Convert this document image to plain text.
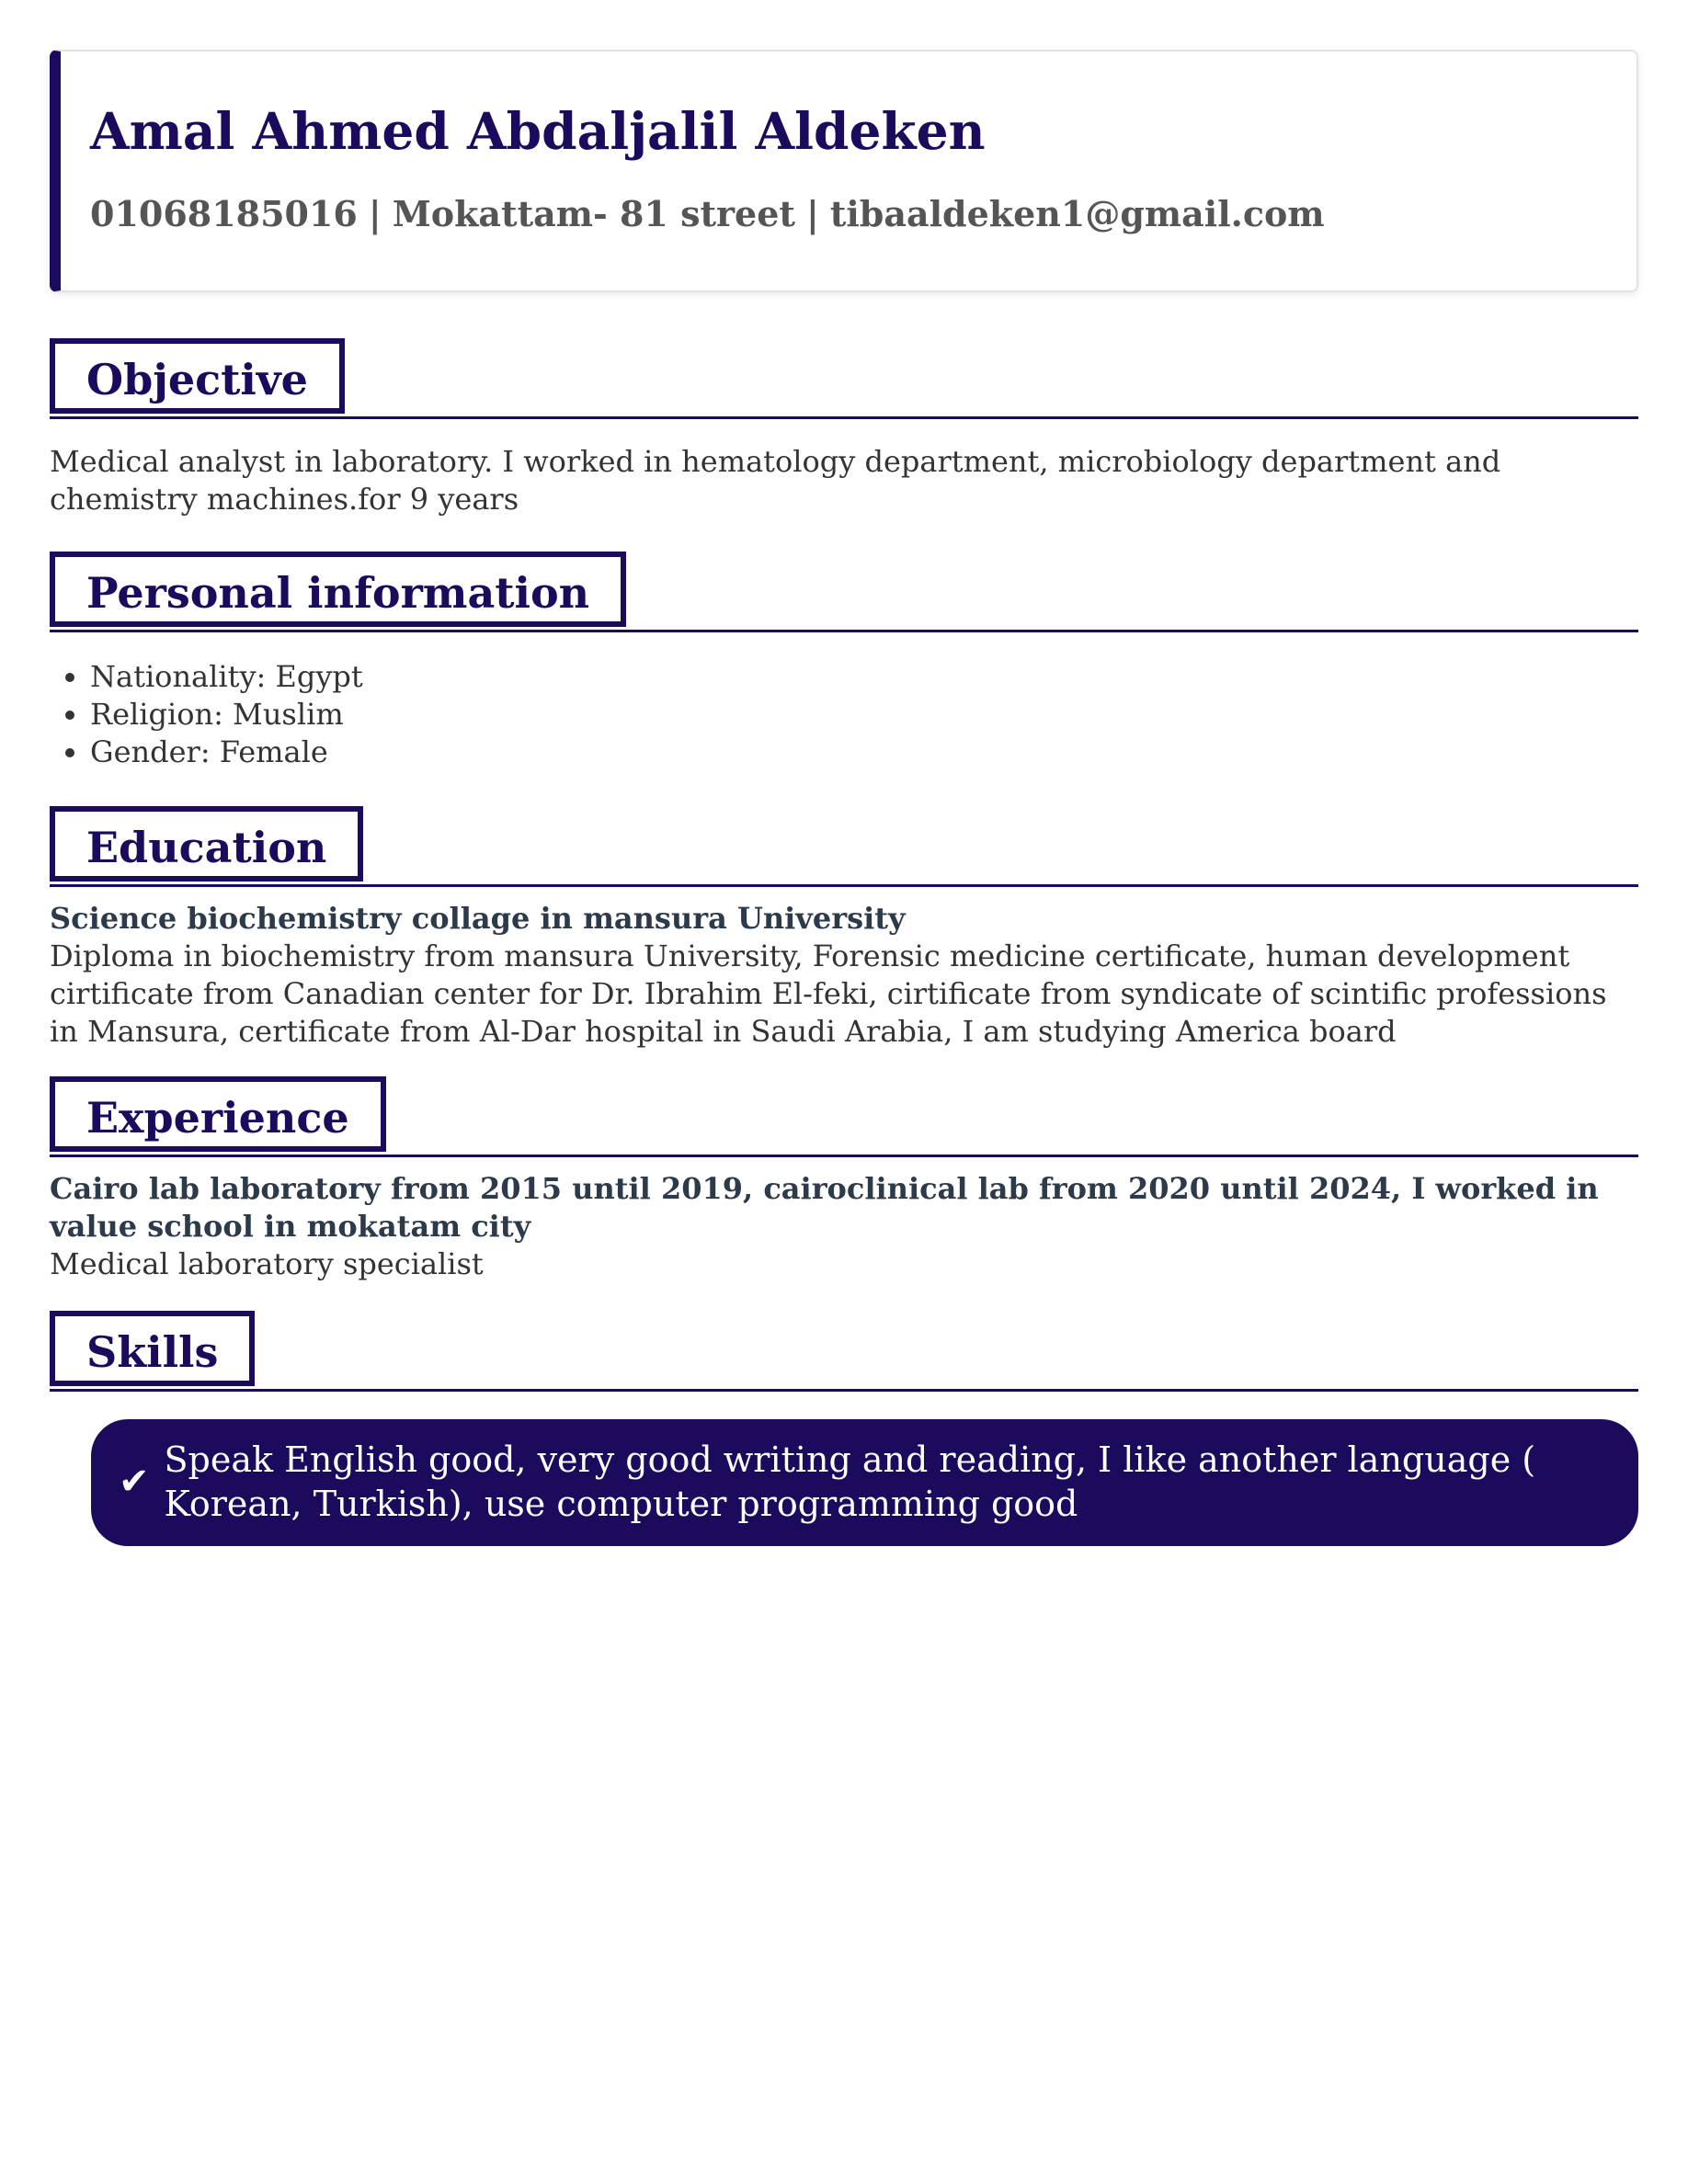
Amal Ahmed Abdaljalil Aldeken
01068185016 | Mokattam- 81 street | tibaaldeken1@gmail.com
Objective
Medical analyst in laboratory. I worked in hematology department, microbiology department and chemistry machines.for 9 years
Personal information
• Nationality: Egypt
• Religion: Muslim
• Gender: Female
Education
Science biochemistry collage in mansura University
Diploma in biochemistry from mansura University, Forensic medicine certificate, human development cirtificate from Canadian center for Dr. Ibrahim El-feki, cirtificate from syndicate of scintific professions in Mansura, certificate from Al-Dar hospital in Saudi Arabia, I am studying America board
Experience
Cairo lab laboratory from 2015 until 2019, cairoclinical lab from 2020 until 2024, I worked in value school in mokatam city
Medical laboratory specialist
Skills
✔
Speak English good, very good writing and reading, I like another language ( Korean, Turkish), use computer programming good
